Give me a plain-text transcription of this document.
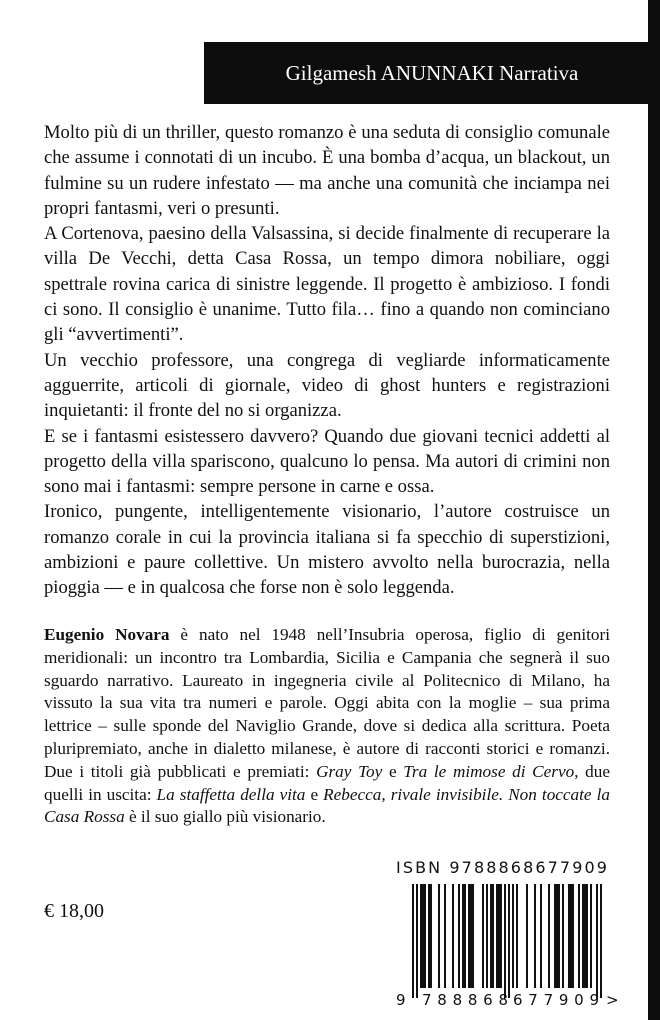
Gilgamesh ANUNNAKI Narrativa

Molto più di un thriller, questo romanzo è una seduta di consiglio comunale che assume i connotati di un incubo. È una bomba d’acqua, un blackout, un fulmine su un rudere infestato — ma anche una comunità che inciampa nei propri fantasmi, veri o presunti.

A Cortenova, paesino della Valsassina, si decide finalmente di recuperare la villa De Vecchi, detta Casa Rossa, un tempo dimora nobiliare, oggi spettrale rovina carica di sinistre leggende. Il progetto è ambizioso. I fondi ci sono. Il consiglio è unanime. Tutto fila… fino a quando non cominciano gli “avvertimenti”.

Un vecchio professore, una congrega di vegliarde informaticamente agguerrite, articoli di giornale, video di ghost hunters e registrazioni inquietanti: il fronte del no si organizza.

E se i fantasmi esistessero davvero? Quando due giovani tecnici addetti al progetto della villa spariscono, qualcuno lo pensa. Ma autori di crimini non sono mai i fantasmi: sempre persone in carne e ossa.

Ironico, pungente, intelligentemente visionario, l’autore costruisce un romanzo corale in cui la provincia italiana si fa specchio di superstizioni, ambizioni e paure collettive. Un mistero avvolto nella burocrazia, nella pioggia — e in qualcosa che forse non è solo leggenda.

Eugenio Novara è nato nel 1948 nell’Insubria operosa, figlio di genitori meridionali: un incontro tra Lombardia, Sicilia e Campania che segnerà il suo sguardo narrativo. Laureato in ingegneria civile al Politecnico di Milano, ha vissuto la sua vita tra numeri e parole. Oggi abita con la moglie – sua prima lettrice – sulle sponde del Naviglio Grande, dove si dedica alla scrittura. Poeta pluripremiato, anche in dialetto milanese, è autore di racconti storici e romanzi. Due i titoli già pubblicati e premiati: Gray Toy e Tra le mimose di Cervo, due quelli in uscita: La staffetta della vita e Rebecca, rivale invisibile. Non toccate la Casa Rossa è il suo giallo più visionario.

€ 18,00
ISBN 9788868677909
9 788868 677909 >
